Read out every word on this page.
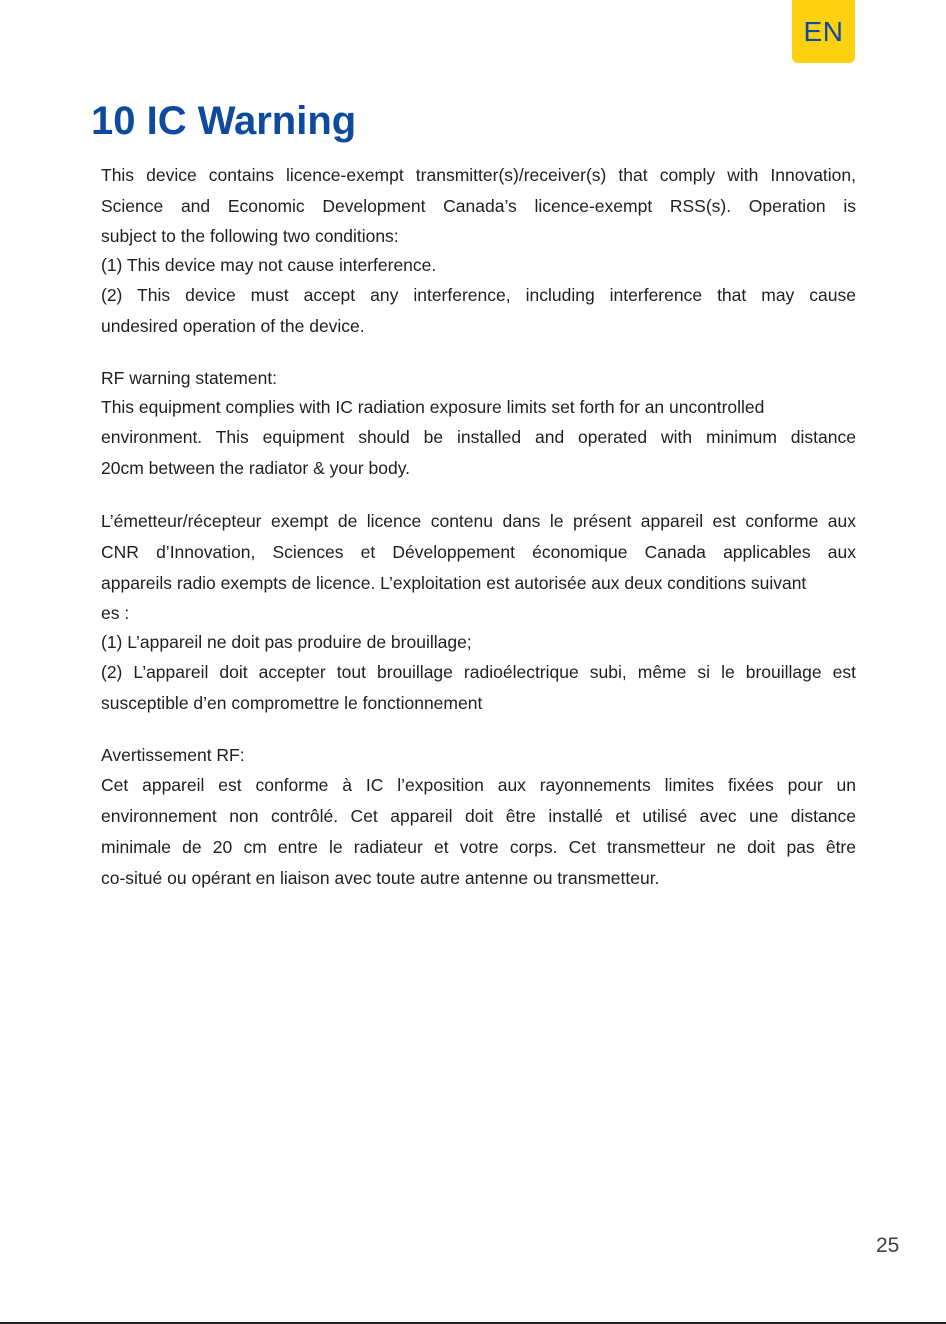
EN
10 IC Warning
This device contains licence-exempt transmitter(s)/receiver(s) that comply with Innovation,
Science and Economic Development Canada’s licence-exempt RSS(s). Operation is
subject to the following two conditions:
(1) This device may not cause interference.
(2) This device must accept any interference, including interference that may cause
undesired operation of the device.
RF warning statement:
This equipment complies with IC radiation exposure limits set forth for an uncontrolled
environment. This equipment should be installed and operated with minimum distance
20cm between the radiator & your body.
L’émetteur/récepteur exempt de licence contenu dans le présent appareil est conforme aux
CNR d’Innovation, Sciences et Développement économique Canada applicables aux
appareils radio exempts de licence. L’exploitation est autorisée aux deux conditions suivant
es :
(1) L’appareil ne doit pas produire de brouillage;
(2) L’appareil doit accepter tout brouillage radioélectrique subi, même si le brouillage est
susceptible d’en compromettre le fonctionnement
Avertissement RF:
Cet appareil est conforme à IC l’exposition aux rayonnements limites fixées pour un
environnement non contrôlé. Cet appareil doit être installé et utilisé avec une distance
minimale de 20 cm entre le radiateur et votre corps. Cet transmetteur ne doit pas être
co-situé ou opérant en liaison avec toute autre antenne ou transmetteur.
25
